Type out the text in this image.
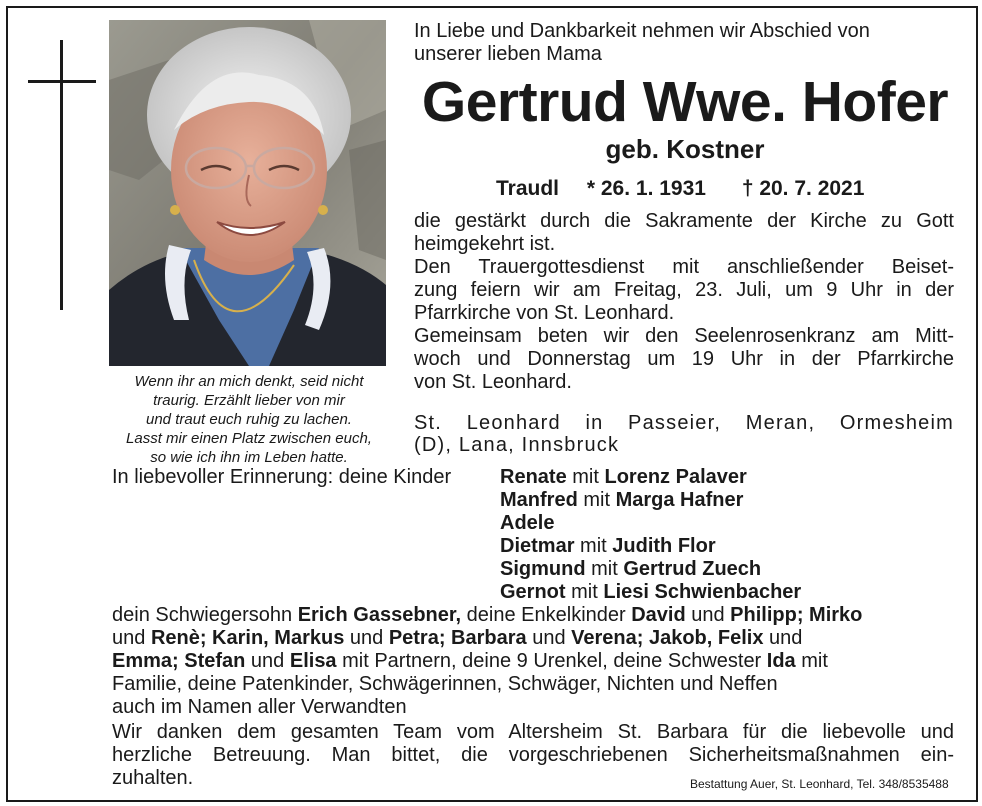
Wenn ihr an mich denkt, seid nicht
traurig. Erzählt lieber von mir
und traut euch ruhig zu lachen.
Lasst mir einen Platz zwischen euch,
so wie ich ihn im Leben hatte.
In Liebe und Dankbarkeit nehmen wir Abschied von
unserer lieben Mama
Gertrud Wwe. Hofer
geb. Kostner
Traudl * 26. 1. 1931 † 20. 7. 2021
die gestärkt durch die Sakramente der Kirche zu Gott
heimgekehrt ist.
Den Trauergottesdienst mit anschließender Beiset-
zung feiern wir am Freitag, 23. Juli, um 9 Uhr in der
Pfarrkirche von St. Leonhard.
Gemeinsam beten wir den Seelenrosenkranz am Mitt-
woch und Donnerstag um 19 Uhr in der Pfarrkirche
von St. Leonhard.
St. Leonhard in Passeier, Meran, Ormesheim
(D), Lana, Innsbruck
In liebevoller Erinnerung: deine Kinder Renate mit Lorenz Palaver
Manfred mit Marga Hafner
Adele
Dietmar mit Judith Flor
Sigmund mit Gertrud Zuech
Gernot mit Liesi Schwienbacher
dein Schwiegersohn Erich Gassebner, deine Enkelkinder David und Philipp; Mirko
und Renè; Karin, Markus und Petra; Barbara und Verena; Jakob, Felix und
Emma; Stefan und Elisa mit Partnern, deine 9 Urenkel, deine Schwester Ida mit
Familie, deine Patenkinder, Schwägerinnen, Schwäger, Nichten und Neffen
auch im Namen aller Verwandten
Wir danken dem gesamten Team vom Altersheim St. Barbara für die liebevolle und
herzliche Betreuung. Man bittet, die vorgeschriebenen Sicherheitsmaßnahmen ein-
zuhalten.	Bestattung Auer, St. Leonhard, Tel. 348/8535488
